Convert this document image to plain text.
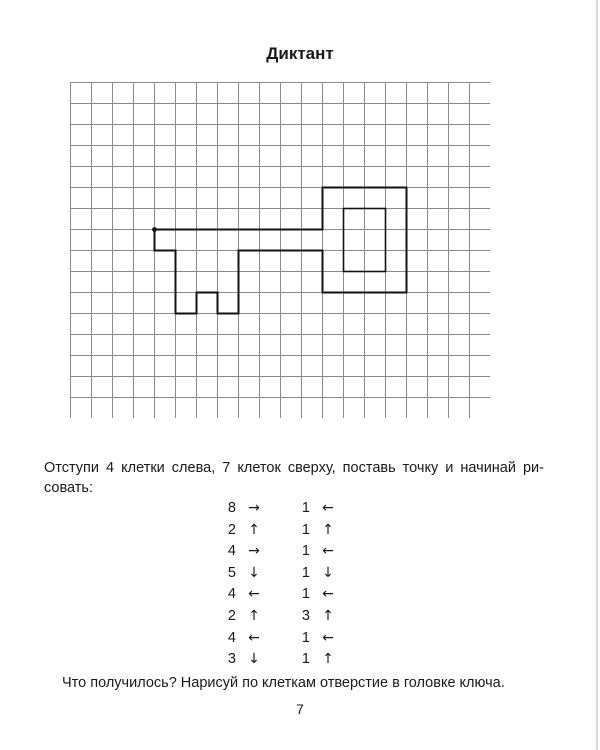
Диктант
Отступи 4 клетки слева, 7 клеток сверху, поставь точку и начинай ри-совать:
8 →	1 ←
2 ↑	1 ↑
4 →	1 ←
5 ↓	1 ↓
4 ←	1 ←
2 ↑	3 ↑
4 ←	1 ←
3 ↓	1 ↑
Что получилось? Нарисуй по клеткам отверстие в головке ключа.
7
